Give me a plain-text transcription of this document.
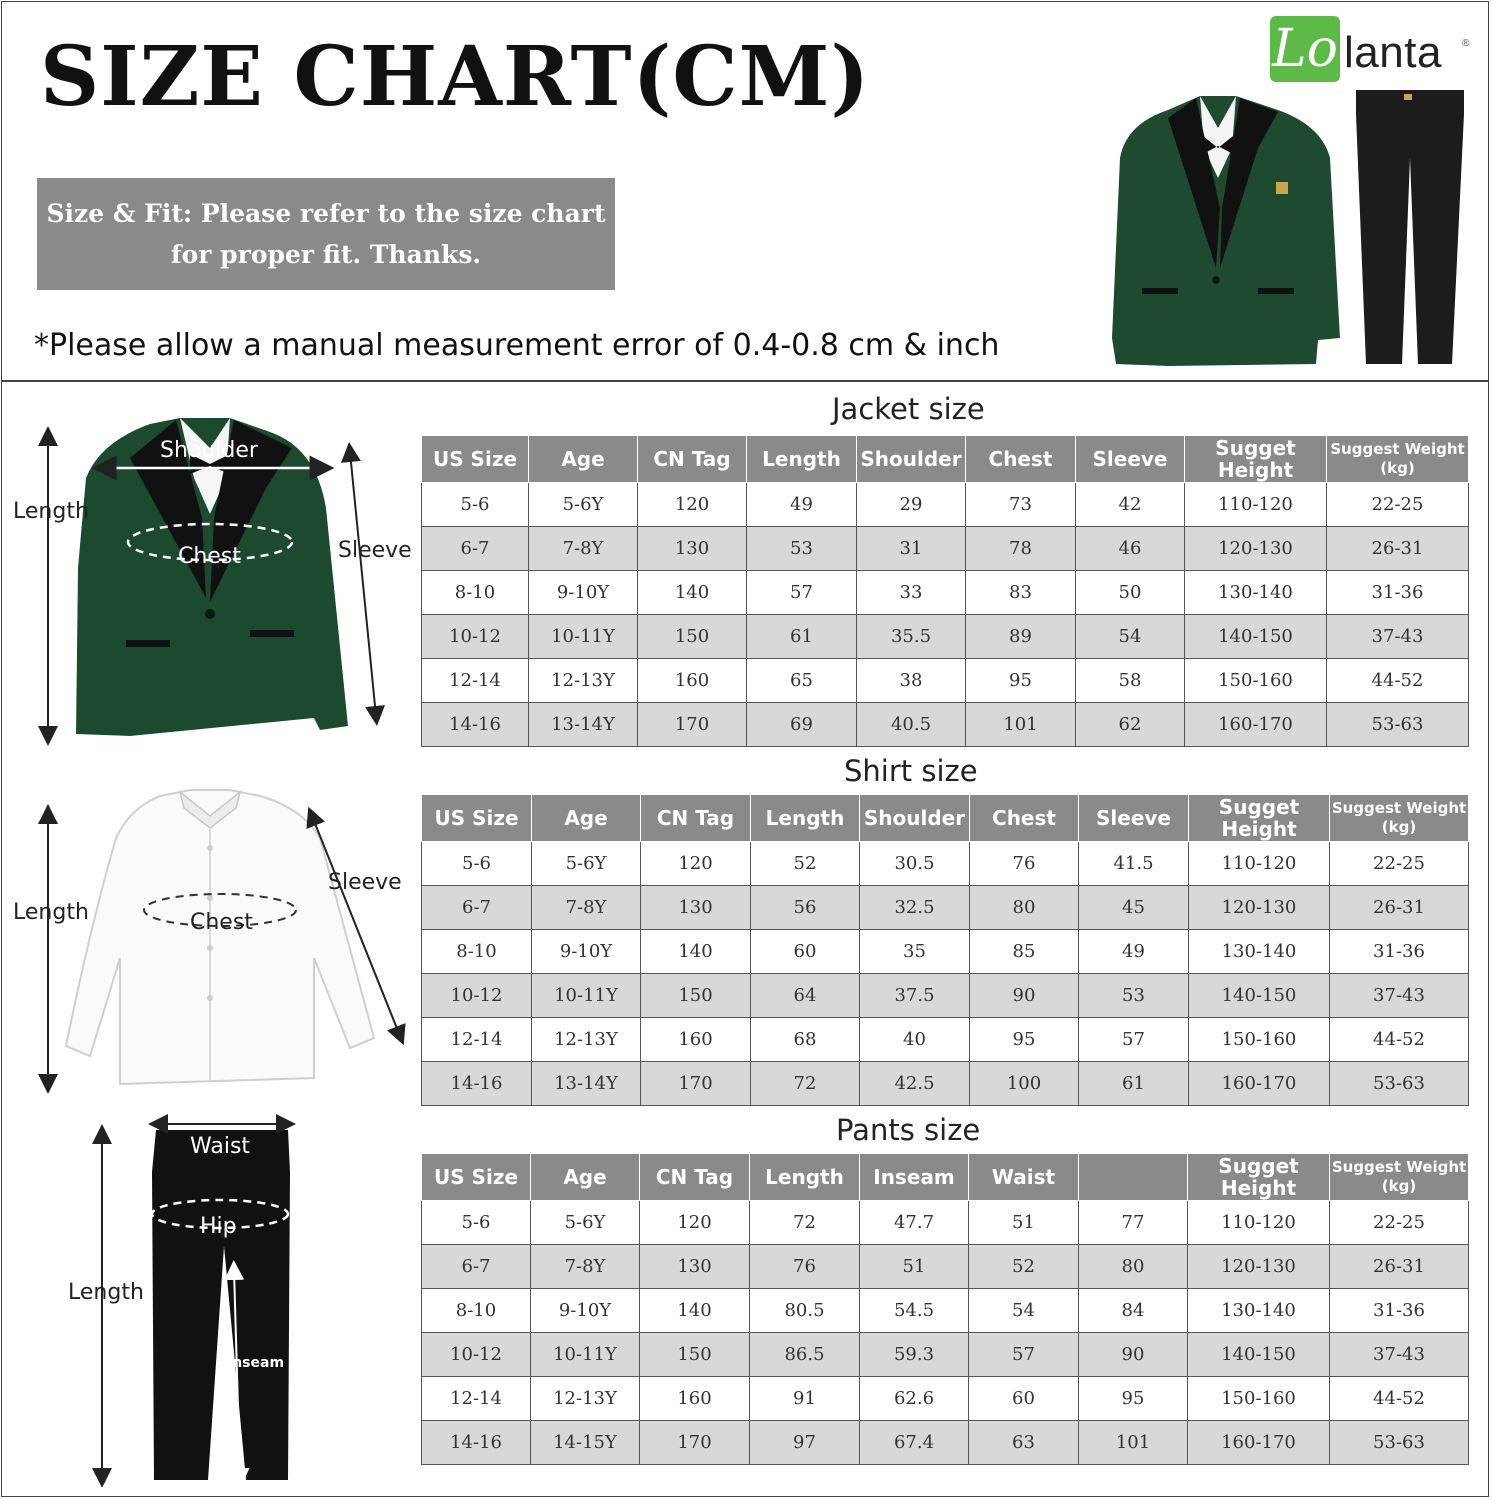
SIZE CHART(CM)
Size & Fit: Please refer to the size chart
for proper fit. Thanks.
*Please allow a manual measurement error of 0.4-0.8 cm & inch
Lo lanta ®
Jacket size
Shirt size
Pants size
US Size	Age	CN Tag	Length	Shoulder	Chest	Sleeve	Sugget Height	Suggest Weight
(kg)
5-6	5-6Y	120	49	29	73	42	110-120	22-25
6-7	7-8Y	130	53	31	78	46	120-130	26-31
8-10	9-10Y	140	57	33	83	50	130-140	31-36
10-12	10-11Y	150	61	35.5	89	54	140-150	37-43
12-14	12-13Y	160	65	38	95	58	150-160	44-52
14-16	13-14Y	170	69	40.5	101	62	160-170	53-63
US Size	Age	CN Tag	Length	Shoulder	Chest	Sleeve	Sugget Height	Suggest Weight
(kg)
5-6	5-6Y	120	52	30.5	76	41.5	110-120	22-25
6-7	7-8Y	130	56	32.5	80	45	120-130	26-31
8-10	9-10Y	140	60	35	85	49	130-140	31-36
10-12	10-11Y	150	64	37.5	90	53	140-150	37-43
12-14	12-13Y	160	68	40	95	57	150-160	44-52
14-16	13-14Y	170	72	42.5	100	61	160-170	53-63
US Size	Age	CN Tag	Length	Inseam	Waist		Sugget Height	Suggest Weight
(kg)
5-6	5-6Y	120	72	47.7	51	77	110-120	22-25
6-7	7-8Y	130	76	51	52	80	120-130	26-31
8-10	9-10Y	140	80.5	54.5	54	84	130-140	31-36
10-12	10-11Y	150	86.5	59.3	57	90	140-150	37-43
12-14	12-13Y	160	91	62.6	60	95	150-160	44-52
14-16	14-15Y	170	97	67.4	63	101	160-170	53-63
Shoulder
Chest
Length
Sleeve
Chest
Length
Sleeve
Waist
Hip
Length
Inseam
